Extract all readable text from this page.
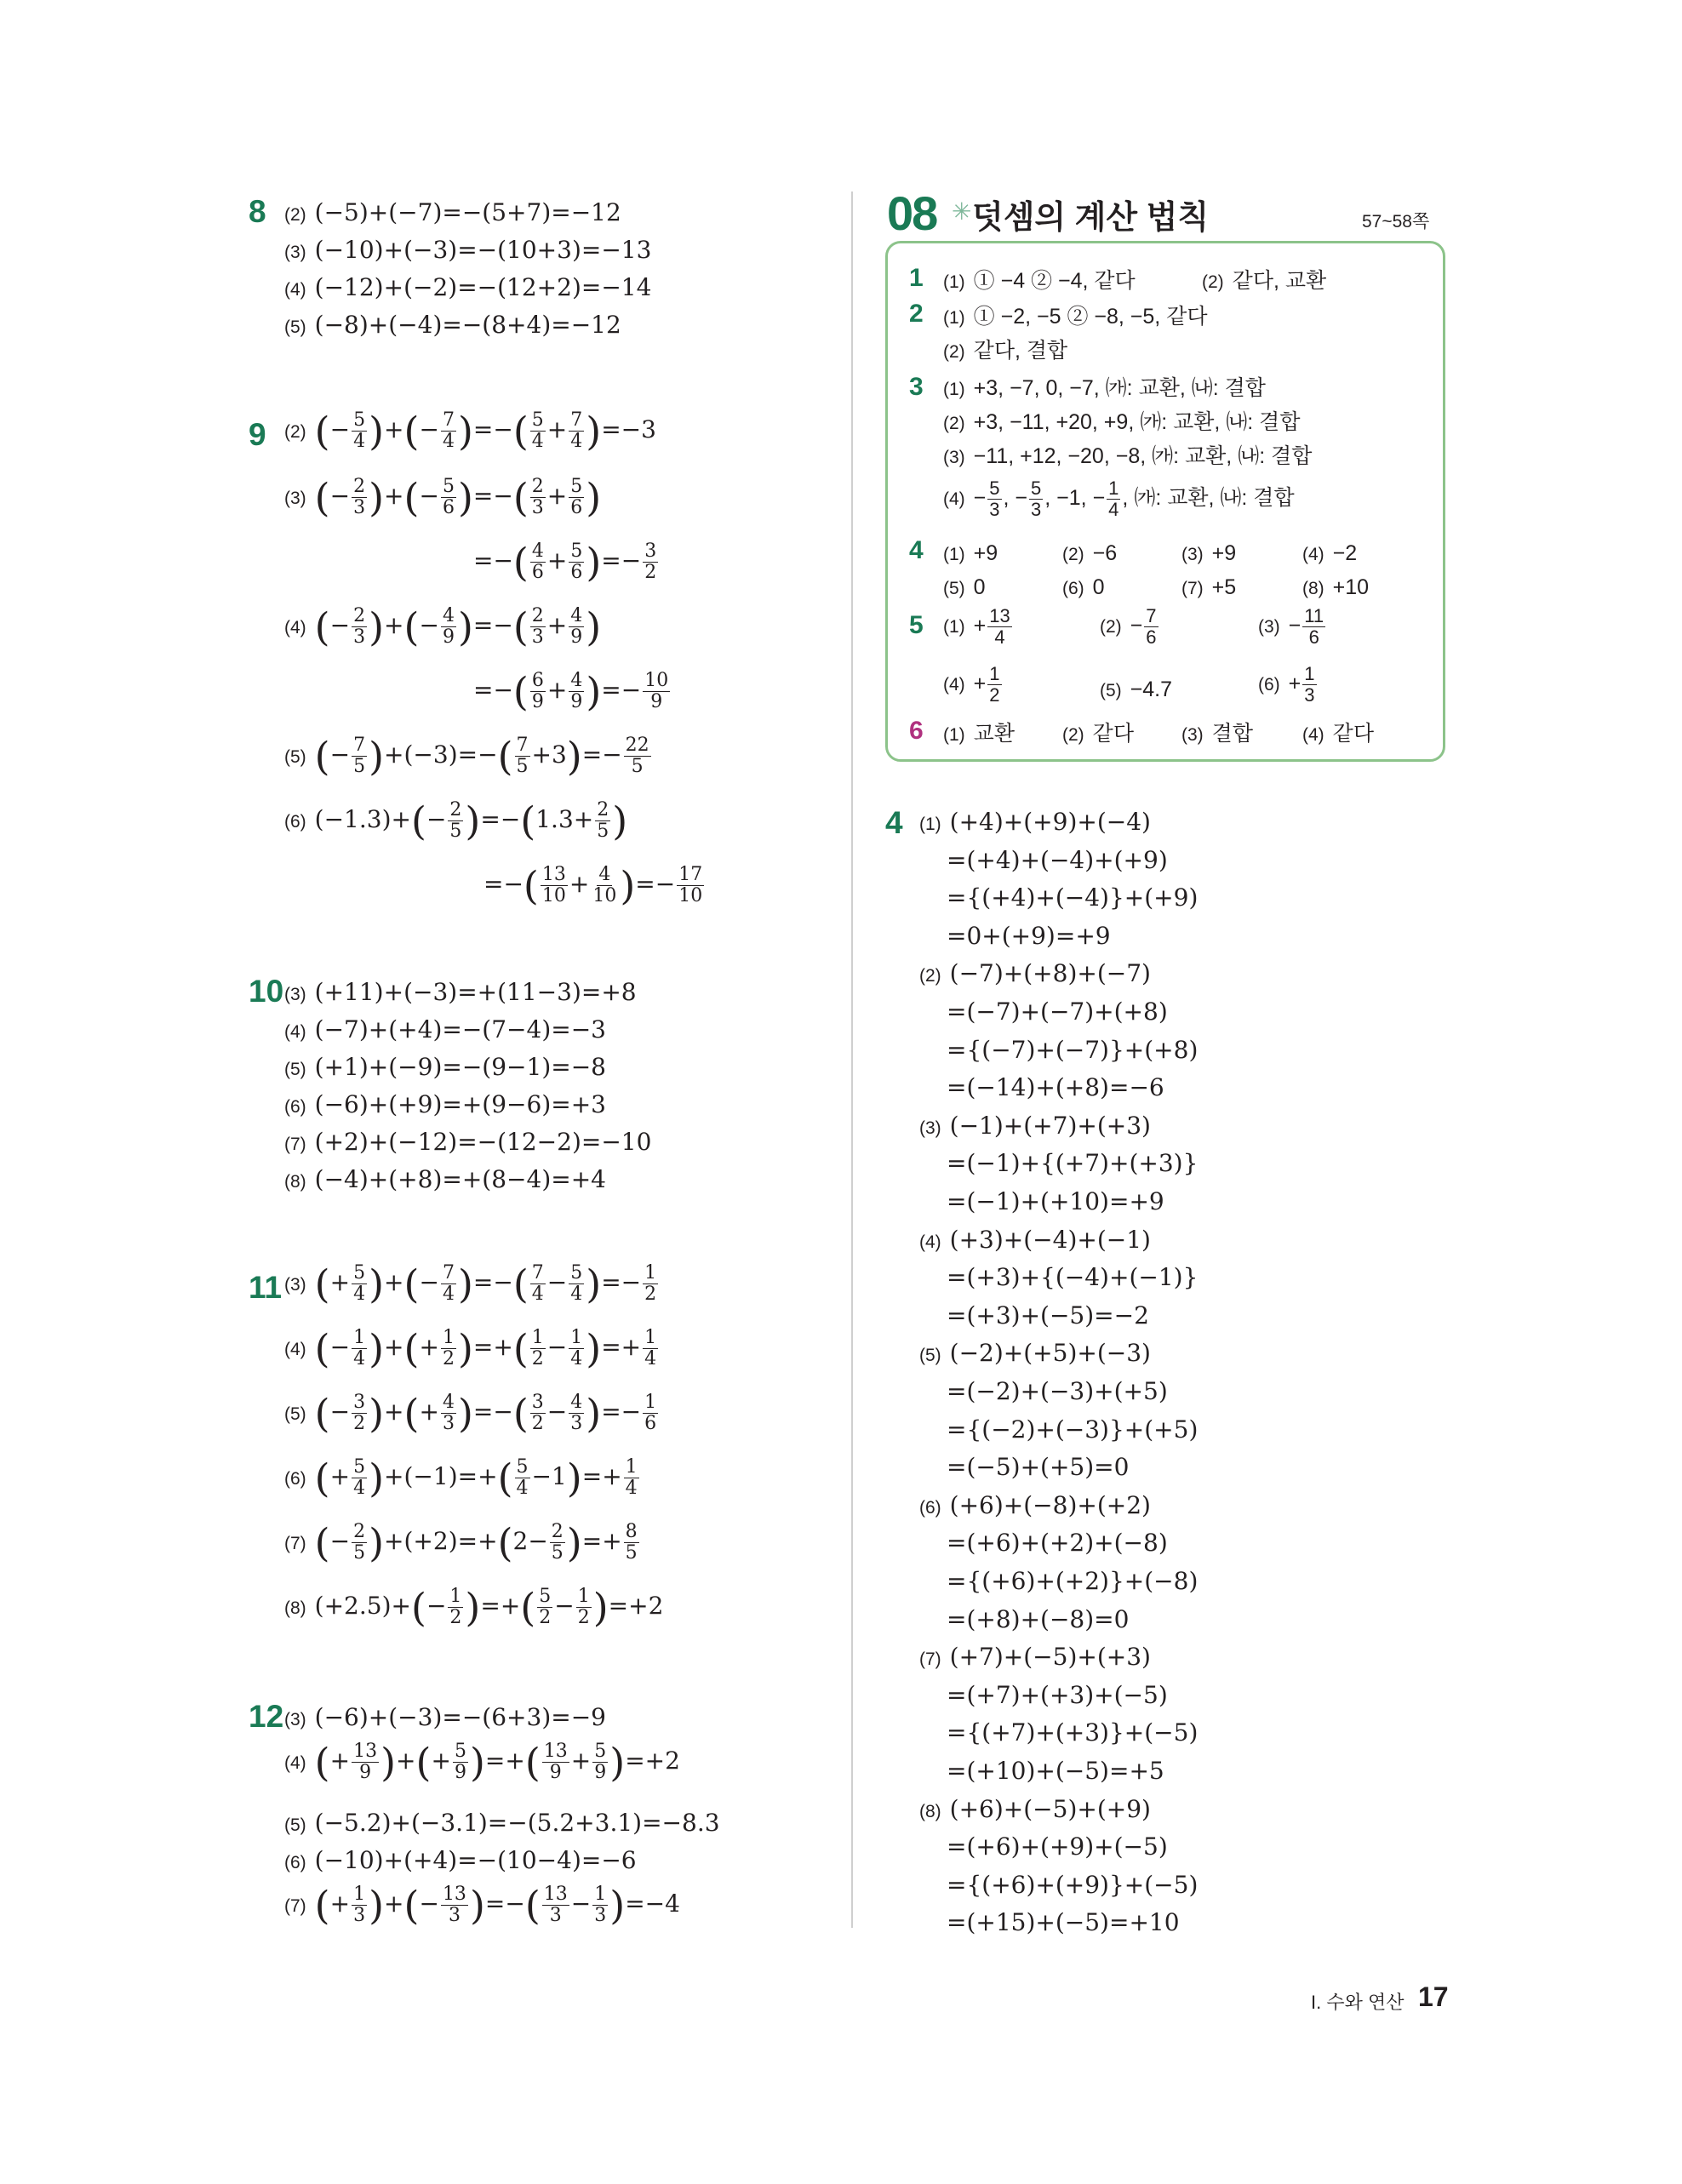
8 (2) (−5)+(−7)=−(5+7)=−12
(3) (−10)+(−3)=−(10+3)=−13
(4) (−12)+(−2)=−(12+2)=−14
(5) (−8)+(−4)=−(8+4)=−12
9 (2) (− $\frac{5}{4}$ )+(− $\frac{7}{4}$ )=−( $\frac{5}{4} + \frac{7}{4} )=-3$
(3) (− $\frac{2}{3}$ )+(− $\frac{5}{6}$ )=−( $\frac{2}{3} + \frac{5}{6}$ )
=−( $\frac{4}{6} + \frac{5}{6}$ )=− $\frac{3}{2}$
(4) (− $\frac{2}{3}$ )+(− $\frac{4}{9}$ )=−( $\frac{2}{3} + \frac{4}{9}$ )
=−( $\frac{6}{9} + \frac{4}{9}$ )=− $\frac{10}{9}$
(5) (− $\frac{7}{5} )+(-3)=-( \frac{7}{5} +3)=- \frac{22}{5}$
(6) $(-1.3)+(- \frac{2}{5} )=-(1.3+ \frac{2}{5}$ )
=−( $\frac{13}{10} + \frac{4}{10}$ )=− $\frac{17}{10}$
10 (3) (+11)+(−3)=+(11−3)=+8
(4) (−7)+(+4)=−(7−4)=−3
(5) (+1)+(−9)=−(9−1)=−8
(6) (−6)+(+9)=+(9−6)=+3
(7) (+2)+(−12)=−(12−2)=−10
(8) (−4)+(+8)=+(8−4)=+4
11 (3) (+ $\frac{5}{4}$ )+(− $\frac{7}{4}$ )=−( $\frac{7}{4} - \frac{5}{4}$ )=− $\frac{1}{2}$
(4) (− $\frac{1}{4}$ )+(+ $\frac{1}{2}$ )=+( $\frac{1}{2} - \frac{1}{4}$ )=+ $\frac{1}{4}$
(5) (− $\frac{3}{2}$ )+(+ $\frac{4}{3}$ )=−( $\frac{3}{2} - \frac{4}{3}$ )=− $\frac{1}{6}$
(6) (+ $\frac{5}{4} )+(-1)=+( \frac{5}{4} -1)=+ \frac{1}{4}$
(7) (− $\frac{2}{5} )+(+2)=+(2- \frac{2}{5}$ )=+ $\frac{8}{5}$
(8) $(+2.5)+(- \frac{1}{2}$ )=+( $\frac{5}{2} - \frac{1}{2} )=+2$
12 (3) (−6)+(−3)=−(6+3)=−9
(4) (+ $\frac{13}{9}$ )+(+ $\frac{5}{9}$ )=+( $\frac{13}{9} + \frac{5}{9} )=+2$
(5) (−5.2)+(−3.1)=−(5.2+3.1)=−8.3
(6) (−10)+(+4)=−(10−4)=−6
(7) (+ $\frac{1}{3}$ )+(− $\frac{13}{3}$ )=−( $\frac{13}{3} - \frac{1}{3} )=-4$
08 ✳ 덧셈의 계산 법칙	57~58쪽
1 (1) ① −4 ② −4, 같다	(2) 같다, 교환
2 (1) ① −2, −5 ② −8, −5, 같다
(2) 같다, 결합
3 (1) +3, −7, 0, −7, ㈎: 교환, ㈏: 결합
(2) +3, −11, +20, +9, ㈎: 교환, ㈏: 결합
(3) −11, +12, −20, −8, ㈎: 교환, ㈏: 결합
$(4) - \frac{5}{3}$ , − $\frac{5}{3}$ , −1, − $\frac{1}{4}$ , ㈎: 교환, ㈏: 결합
4 (1) +9	(2) −6	(3) +9	(4) −2
(5) 0	(6) 0	(7) +5	(8) +10
5 $(1) + \frac{13}{4}$	$(2) - \frac{7}{6}$	$(3) - \frac{11}{6}$
$(4) + \frac{1}{2}$	(5) −4.7	$(6) + \frac{1}{3}$
6 (1) 교환	(2) 같다	(3) 결합	(4) 같다
4 (1) (+4)+(+9)+(−4)
=(+4)+(−4)+(+9)
={(+4)+(−4)}+(+9)
=0+(+9)=+9
(2) (−7)+(+8)+(−7)
=(−7)+(−7)+(+8)
={(−7)+(−7)}+(+8)
=(−14)+(+8)=−6
(3) (−1)+(+7)+(+3)
=(−1)+{(+7)+(+3)}
=(−1)+(+10)=+9
(4) (+3)+(−4)+(−1)
=(+3)+{(−4)+(−1)}
=(+3)+(−5)=−2
(5) (−2)+(+5)+(−3)
=(−2)+(−3)+(+5)
={(−2)+(−3)}+(+5)
=(−5)+(+5)=0
(6) (+6)+(−8)+(+2)
=(+6)+(+2)+(−8)
={(+6)+(+2)}+(−8)
=(+8)+(−8)=0
(7) (+7)+(−5)+(+3)
=(+7)+(+3)+(−5)
={(+7)+(+3)}+(−5)
=(+10)+(−5)=+5
(8) (+6)+(−5)+(+9)
=(+6)+(+9)+(−5)
={(+6)+(+9)}+(−5)
=(+15)+(−5)=+10
I. 수와 연산 17
